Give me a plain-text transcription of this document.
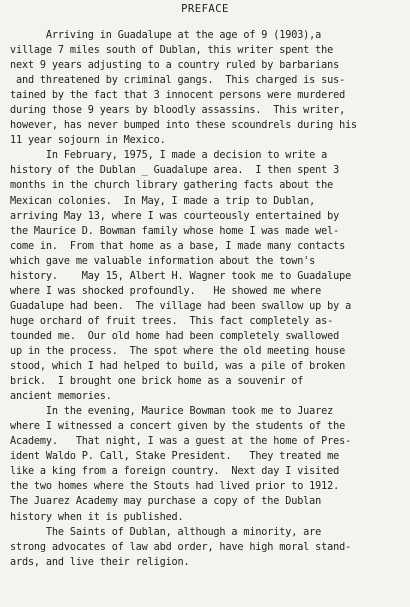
PREFACE
Arriving in Guadalupe at the age of 9 (1903),a
village 7 miles south of Dublan, this writer spent the
next 9 years adjusting to a country ruled by barbarians
and threatened by criminal gangs.  This charged is sus-
tained by the fact that 3 innocent persons were murdered
during those 9 years by bloodly assassins.  This writer,
however, has never bumped into these scoundrels during his
11 year sojourn in Mexico.
In February, 1975, I made a decision to write a
history of the Dublan _ Guadalupe area.  I then spent 3
months in the church library gathering facts about the
Mexican colonies.  In May, I made a trip to Dublan,
arriving May 13, where I was courteously entertained by
the Maurice D. Bowman family whose home I was made wel-
come in.  From that home as a base, I made many contacts
which gave me valuable information about the town's
history.    May 15, Albert H. Wagner took me to Guadalupe
where I was shocked profoundly.   He showed me where
Guadalupe had been.  The village had been swallow up by a
huge orchard of fruit trees.  This fact completely as-
tounded me.  Our old home had been completely swallowed
up in the process.  The spot where the old meeting house
stood, which I had helped to build, was a pile of broken
brick.  I brought one brick home as a souvenir of
ancient memories.
In the evening, Maurice Bowman took me to Juarez
where I witnessed a concert given by the students of the
Academy.   That night, I was a guest at the home of Pres-
ident Waldo P. Call, Stake President.   They treated me
like a king from a foreign country.  Next day I visited
the two homes where the Stouts had lived prior to 1912.
The Juarez Academy may purchase a copy of the Dublan
history when it is published.
The Saints of Dublan, although a minority, are
strong advocates of law abd order, have high moral stand-
ards, and live their religion.
